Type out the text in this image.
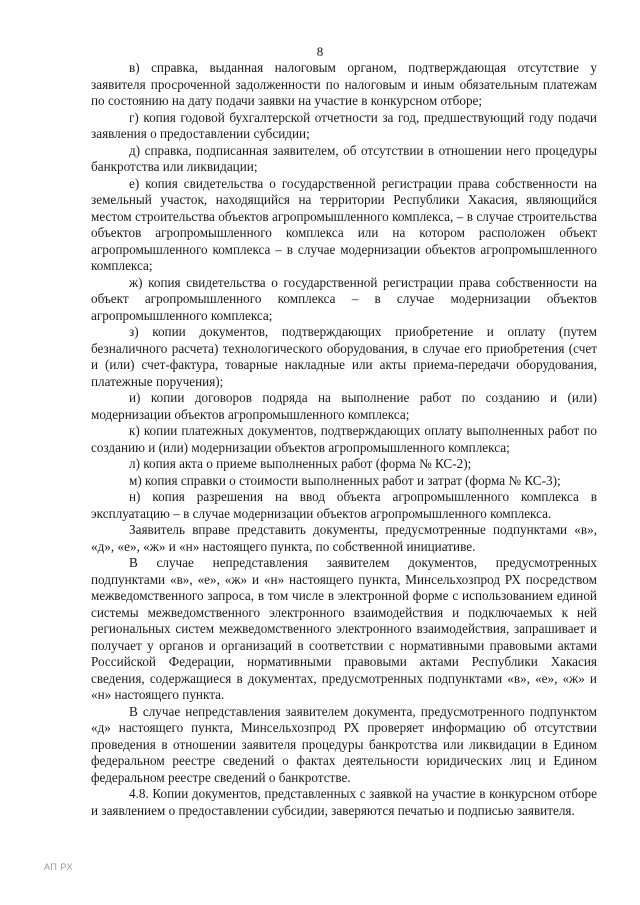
8

в) справка, выданная налоговым органом, подтверждающая отсутствие у заявителя просроченной задолженности по налоговым и иным обязательным платежам по состоянию на дату подачи заявки на участие в конкурсном отборе;

г) копия годовой бухгалтерской отчетности за год, предшествующий году подачи заявления о предоставлении субсидии;

д) справка, подписанная заявителем, об отсутствии в отношении него процедуры банкротства или ликвидации;

е) копия свидетельства о государственной регистрации права собственности на земельный участок, находящийся на территории Республики Хакасия, являющийся местом строительства объектов агропромышленного комплекса, – в случае строительства объектов агропромышленного комплекса или на котором расположен объект агропромышленного комплекса – в случае модернизации объектов агропромышленного комплекса;

ж) копия свидетельства о государственной регистрации права собственности на объект агропромышленного комплекса – в случае модернизации объектов агропромышленного комплекса;

з) копии документов, подтверждающих приобретение и оплату (путем безналичного расчета) технологического оборудования, в случае его приобретения (счет и (или) счет-фактура, товарные накладные или акты приема-передачи оборудования, платежные поручения);

и) копии договоров подряда на выполнение работ по созданию и (или) модернизации объектов агропромышленного комплекса;

к) копии платежных документов, подтверждающих оплату выполненных работ по созданию и (или) модернизации объектов агропромышленного комплекса;

л) копия акта о приеме выполненных работ (форма № КС-2);

м) копия справки о стоимости выполненных работ и затрат (форма № КС-3);

н) копия разрешения на ввод объекта агропромышленного комплекса в эксплуатацию – в случае модернизации объектов агропромышленного комплекса.

Заявитель вправе представить документы, предусмотренные подпунктами «в», «д», «е», «ж» и «н» настоящего пункта, по собственной инициативе.

В случае непредставления заявителем документов, предусмотренных подпунктами «в», «е», «ж» и «н» настоящего пункта, Минсельхозпрод РХ посредством межведомственного запроса, в том числе в электронной форме с использованием единой системы межведомственного электронного взаимодействия и подключаемых к ней региональных систем межведомственного электронного взаимодействия, запрашивает и получает у органов и организаций в соответствии с нормативными правовыми актами Российской Федерации, нормативными правовыми актами Республики Хакасия сведения, содержащиеся в документах, предусмотренных подпунктами «в», «е», «ж» и «н» настоящего пункта.

В случае непредставления заявителем документа, предусмотренного подпунктом «д» настоящего пункта, Минсельхозпрод РХ проверяет информацию об отсутствии проведения в отношении заявителя процедуры банкротства или ликвидации в Едином федеральном реестре сведений о фактах деятельности юридических лиц и Едином федеральном реестре сведений о банкротстве.

4.8. Копии документов, представленных с заявкой на участие в конкурсном отборе и заявлением о предоставлении субсидии, заверяются печатью и подписью заявителя.

АП РХ
